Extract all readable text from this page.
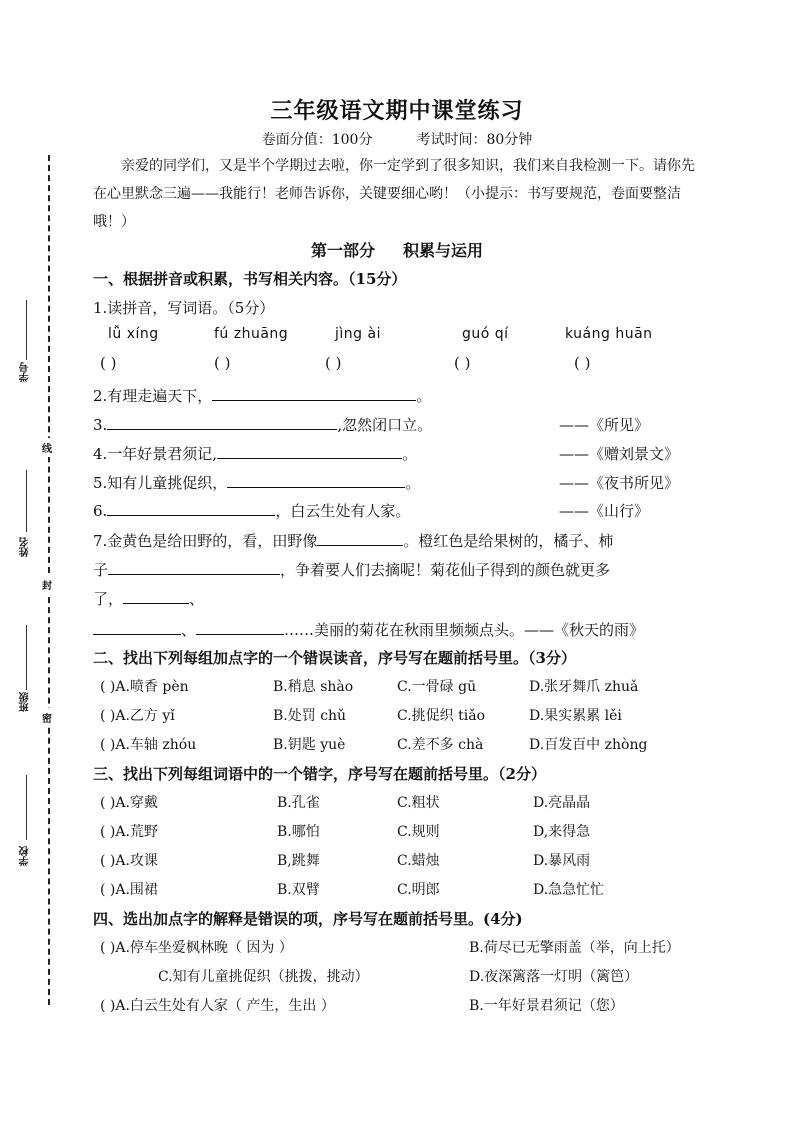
线
封
密
学号
姓名
班级
学校
三年级语文期中课堂练习
卷面分值：100分	考试时间：80分钟
亲爱的同学们，又是半个学期过去啦，你一定学到了很多知识，我们来自我检测一下。请你先在心里默念三遍——我能行！老师告诉你，关键要细心哟！（小提示：书写要规范，卷面要整洁哦！）
第一部分 积累与运用
一、根据拼音或积累，书写相关内容。（15分）
1.读拼音，写词语。（5分）
lǚ xíng	fú zhuāng	jìng ài	guó qí	kuáng huān
( )	( )	( )	( )	( )
2.有理走遍天下，	。
3.	,忽然闭口立。	——《所见》
4.一年好景君须记,	。	——《赠刘景文》
5.知有儿童挑促织，	。	——《夜书所见》
6.	，白云生处有人家。	——《山行》
7.金黄色是给田野的，看，田野像	。橙红色是给果树的，橘子、柿
子	，争着要人们去摘呢！菊花仙子得到的颜色就更多
了，	、
、	……美丽的菊花在秋雨里频频点头。——《秋天的雨》
二、找出下列每组加点字的一个错误读音，序号写在题前括号里。（3分）
( )A.喷香 pèn	B.稍息 shào	C.一骨碌 gū	D.张牙舞爪 zhuǎ
( )A.乙方 yǐ	B.处罚 chǔ	C.挑促织 tiǎo	D.果实累累 lěi
( )A.车轴 zhóu	B.钥匙 yuè	C.差不多 chà	D.百发百中 zhòng
三、找出下列每组词语中的一个错字，序号写在题前括号里。（2分）
( )A.穿戴	B.孔雀	C.粗状	D.亮晶晶
( )A.荒野	B.哪怕	C.规则	D,来得急
( )A.攻课	B,跳舞	C.蜡烛	D.暴风雨
( )A.围裙	B.双臂	C.明郎	D.急急忙忙
四、选出加点字的解释是错误的项，序号写在题前括号里。(4分)
( )A.停车坐爱枫林晚（ 因为 ）	B.荷尽已无擎雨盖（举，向上托）
C.知有儿童挑促织（挑拨，挑动）	D.夜深篱落一灯明（篱笆）
( )A.白云生处有人家（ 产生，生出 ）	B.一年好景君须记（您）
